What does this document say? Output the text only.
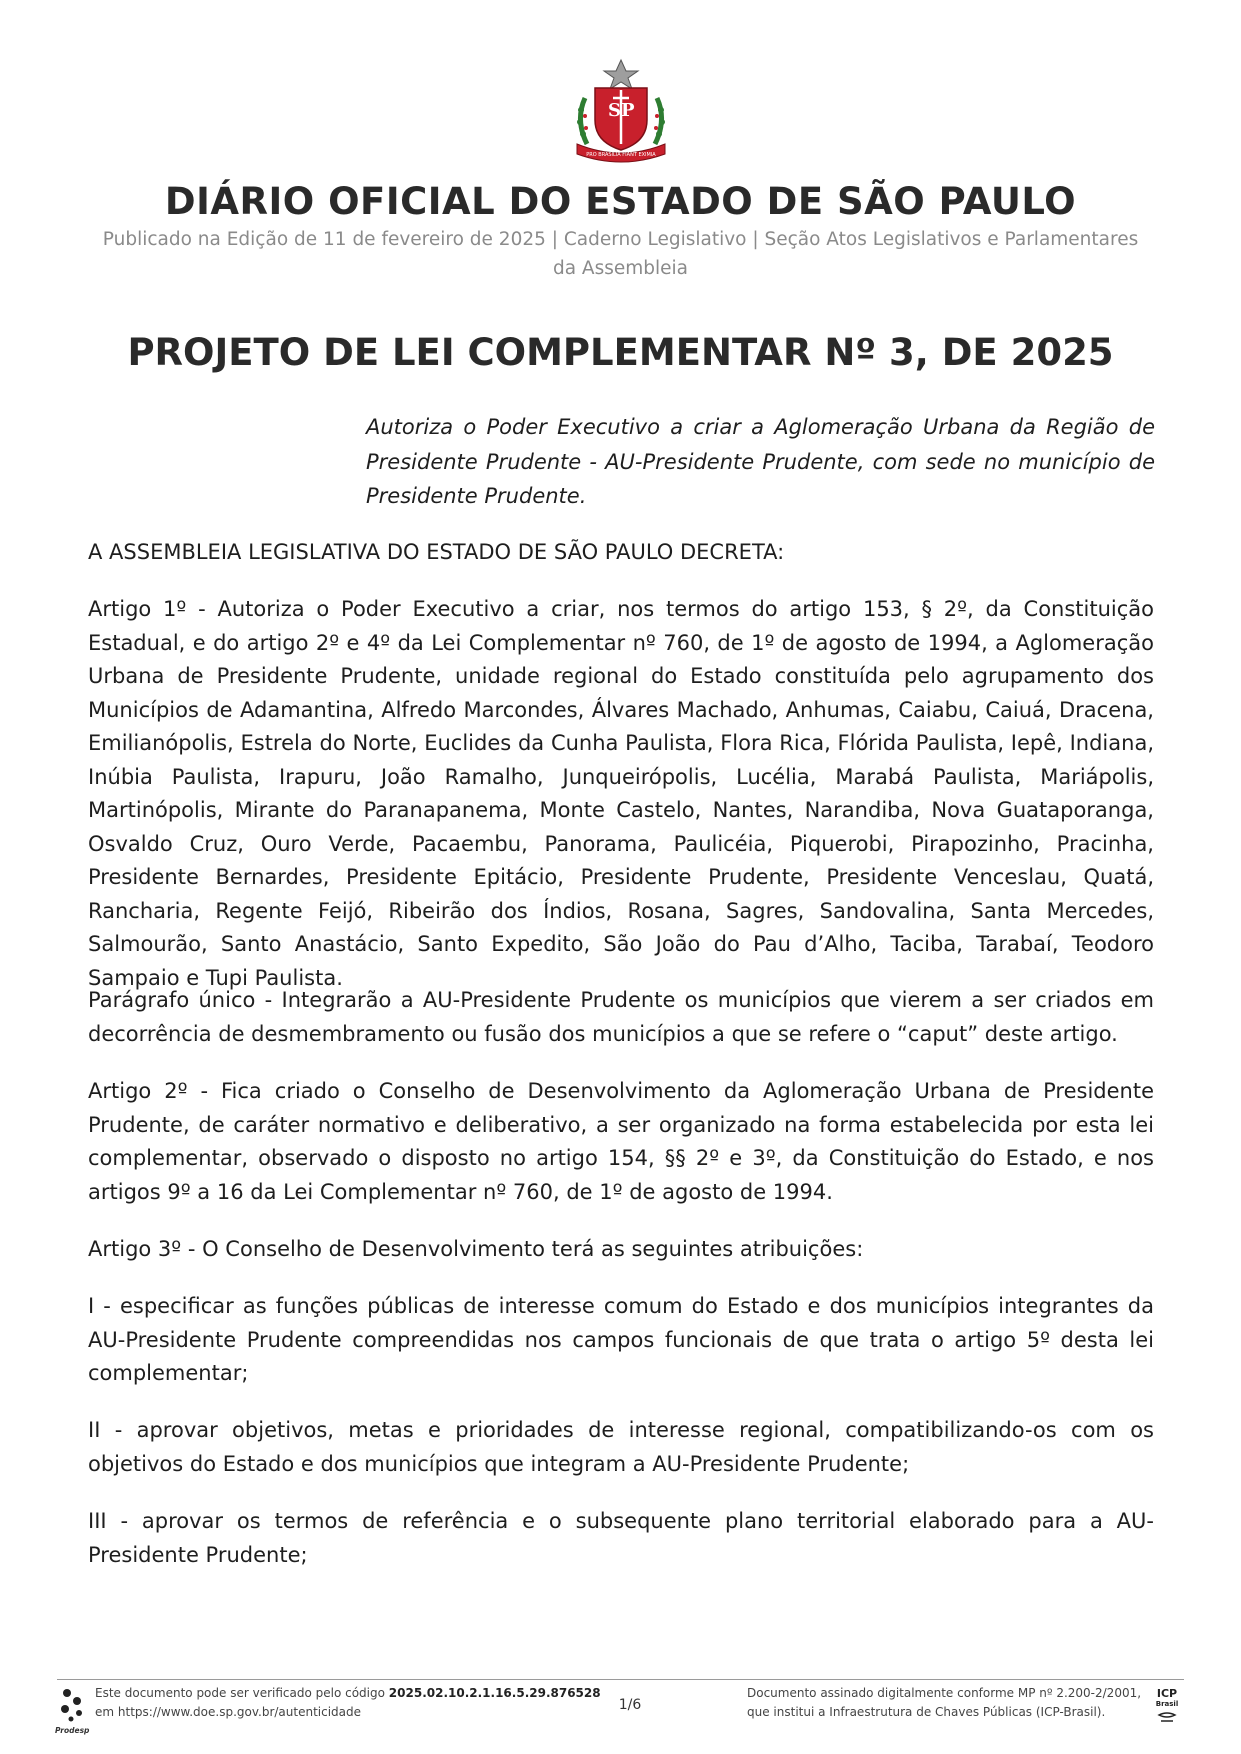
SP
PRO BRASILIA FIANT EXIMIA
DIÁRIO OFICIAL DO ESTADO DE SÃO PAULO
Publicado na Edição de 11 de fevereiro de 2025 | Caderno Legislativo | Seção Atos Legislativos e Parlamentares
da Assembleia
PROJETO DE LEI COMPLEMENTAR Nº 3, DE 2025
Autoriza o Poder Executivo a criar a Aglomeração Urbana da Região de Presidente Prudente - AU-Presidente Prudente, com sede no município de Presidente Prudente.

A ASSEMBLEIA LEGISLATIVA DO ESTADO DE SÃO PAULO DECRETA:

Artigo 1º - Autoriza o Poder Executivo a criar, nos termos do artigo 153, § 2º, da Constituição Estadual, e do artigo 2º e 4º da Lei Complementar nº 760, de 1º de agosto de 1994, a Aglomeração Urbana de Presidente Prudente, unidade regional do Estado constituída pelo agrupamento dos Municípios de Adamantina, Alfredo Marcondes, Álvares Machado, Anhumas, Caiabu, Caiuá, Dracena, Emilianópolis, Estrela do Norte, Euclides da Cunha Paulista, Flora Rica, Flórida Paulista, Iepê, Indiana, Inúbia Paulista, Irapuru, João Ramalho, Junqueirópolis, Lucélia, Marabá Paulista, Mariápolis, Martinópolis, Mirante do Paranapanema, Monte Castelo, Nantes, Narandiba, Nova Guataporanga, Osvaldo Cruz, Ouro Verde, Pacaembu, Panorama, Paulicéia, Piquerobi, Pirapozinho, Pracinha, Presidente Bernardes, Presidente Epitácio, Presidente Prudente, Presidente Venceslau, Quatá, Rancharia, Regente Feijó, Ribeirão dos Índios, Rosana, Sagres, Sandovalina, Santa Mercedes, Salmourão, Santo Anastácio, Santo Expedito, São João do Pau d’Alho, Taciba, Tarabaí, Teodoro Sampaio e Tupi Paulista.

Parágrafo único - Integrarão a AU-Presidente Prudente os municípios que vierem a ser criados em decorrência de desmembramento ou fusão dos municípios a que se refere o “caput” deste artigo.

Artigo 2º - Fica criado o Conselho de Desenvolvimento da Aglomeração Urbana de Presidente Prudente, de caráter normativo e deliberativo, a ser organizado na forma estabelecida por esta lei complementar, observado o disposto no artigo 154, §§ 2º e 3º, da Constituição do Estado, e nos artigos 9º a 16 da Lei Complementar nº 760, de 1º de agosto de 1994.

Artigo 3º - O Conselho de Desenvolvimento terá as seguintes atribuições:

I - especificar as funções públicas de interesse comum do Estado e dos municípios integrantes da AU-Presidente Prudente compreendidas nos campos funcionais de que trata o artigo 5º desta lei complementar;

II - aprovar objetivos, metas e prioridades de interesse regional, compatibilizando-os com os objetivos do Estado e dos municípios que integram a AU-Presidente Prudente;

III - aprovar os termos de referência e o subsequente plano territorial elaborado para a AU-Presidente Prudente;

Prodesp
Este documento pode ser verificado pelo código 2025.02.10.2.1.16.5.29.876528
em https://www.doe.sp.gov.br/autenticidade	1/6
Documento assinado digitalmente conforme MP nº 2.200-2/2001,
que institui a Infraestrutura de Chaves Públicas (ICP-Brasil).
ICP
Brasil
